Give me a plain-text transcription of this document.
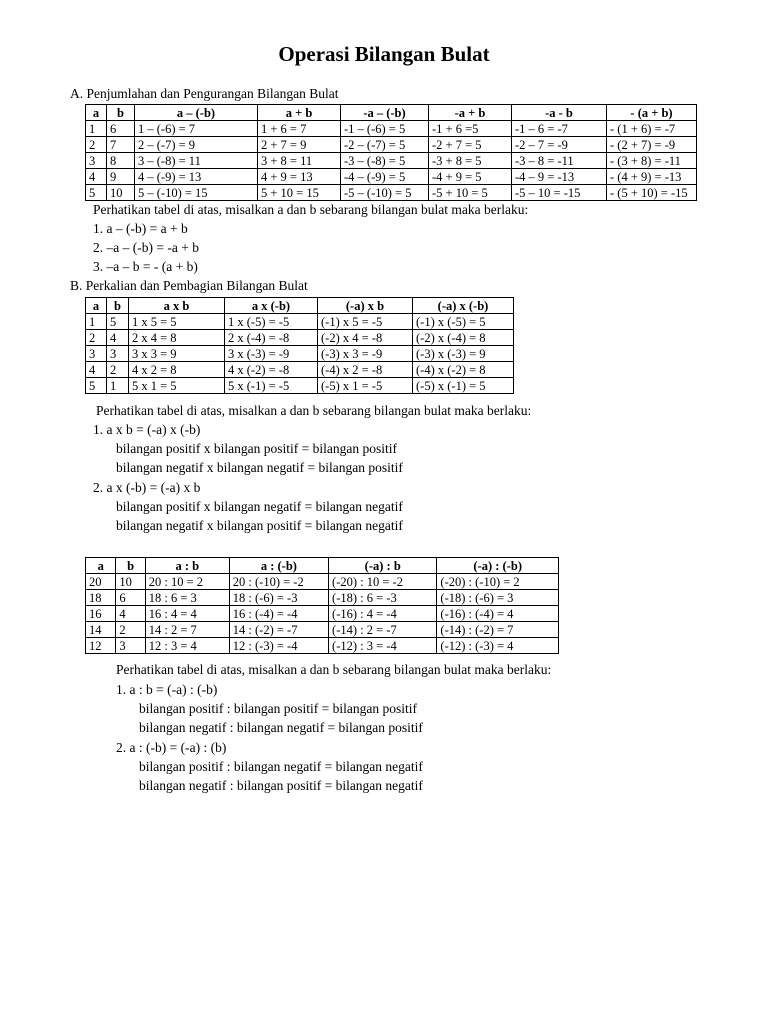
Operasi Bilangan Bulat
A. Penjumlahan dan Pengurangan Bilangan Bulat
a	b	a – (-b)	a + b	-a – (-b)	-a + b	-a - b	- (a + b)
1	6	1 – (-6) = 7	1 + 6 = 7	-1 – (-6) = 5	-1 + 6 =5	-1 – 6 = -7	- (1 + 6) = -7
2	7	2 – (-7) = 9	2 + 7 = 9	-2 – (-7) = 5	-2 + 7 = 5	-2 – 7 = -9	- (2 + 7) = -9
3	8	3 – (-8) = 11	3 + 8 = 11	-3 – (-8) = 5	-3 + 8 = 5	-3 – 8 = -11	- (3 + 8) = -11
4	9	4 – (-9) = 13	4 + 9 = 13	-4 – (-9) = 5	-4 + 9 = 5	-4 – 9 = -13	- (4 + 9) = -13
5	10	5 – (-10) = 15	5 + 10 = 15	-5 – (-10) = 5	-5 + 10 = 5	-5 – 10 = -15	- (5 + 10) = -15
Perhatikan tabel di atas, misalkan a dan b sebarang bilangan bulat maka berlaku:
1. a – (-b) = a + b
2. –a – (-b) = -a + b
3. –a – b = - (a + b)
B. Perkalian dan Pembagian Bilangan Bulat
a	b	a x b	a x (-b)	(-a) x b	(-a) x (-b)
1	5	1 x 5 = 5	1 x (-5) = -5	(-1) x 5 = -5	(-1) x (-5) = 5
2	4	2 x 4 = 8	2 x (-4) = -8	(-2) x 4 = -8	(-2) x (-4) = 8
3	3	3 x 3 = 9	3 x (-3) = -9	(-3) x 3 = -9	(-3) x (-3) = 9
4	2	4 x 2 = 8	4 x (-2) = -8	(-4) x 2 = -8	(-4) x (-2) = 8
5	1	5 x 1 = 5	5 x (-1) = -5	(-5) x 1 = -5	(-5) x (-1) = 5
Perhatikan tabel di atas, misalkan a dan b sebarang bilangan bulat maka berlaku:
1. a x b = (-a) x (-b)
bilangan positif x bilangan positif = bilangan positif
bilangan negatif x bilangan negatif = bilangan positif
2. a x (-b) = (-a) x b
bilangan positif x bilangan negatif = bilangan negatif
bilangan negatif x bilangan positif = bilangan negatif
a	b	a : b	a : (-b)	(-a) : b	(-a) : (-b)
20	10	20 : 10 = 2	20 : (-10) = -2	(-20) : 10 = -2	(-20) : (-10) = 2
18	6	18 : 6 = 3	18 : (-6) = -3	(-18) : 6 = -3	(-18) : (-6) = 3
16	4	16 : 4 = 4	16 : (-4) = -4	(-16) : 4 = -4	(-16) : (-4) = 4
14	2	14 : 2 = 7	14 : (-2) = -7	(-14) : 2 = -7	(-14) : (-2) = 7
12	3	12 : 3 = 4	12 : (-3) = -4	(-12) : 3 = -4	(-12) : (-3) = 4
Perhatikan tabel di atas, misalkan a dan b sebarang bilangan bulat maka berlaku:
1. a : b = (-a) : (-b)
bilangan positif : bilangan positif = bilangan positif
bilangan negatif : bilangan negatif = bilangan positif
2. a : (-b) = (-a) : (b)
bilangan positif : bilangan negatif = bilangan negatif
bilangan negatif : bilangan positif = bilangan negatif
